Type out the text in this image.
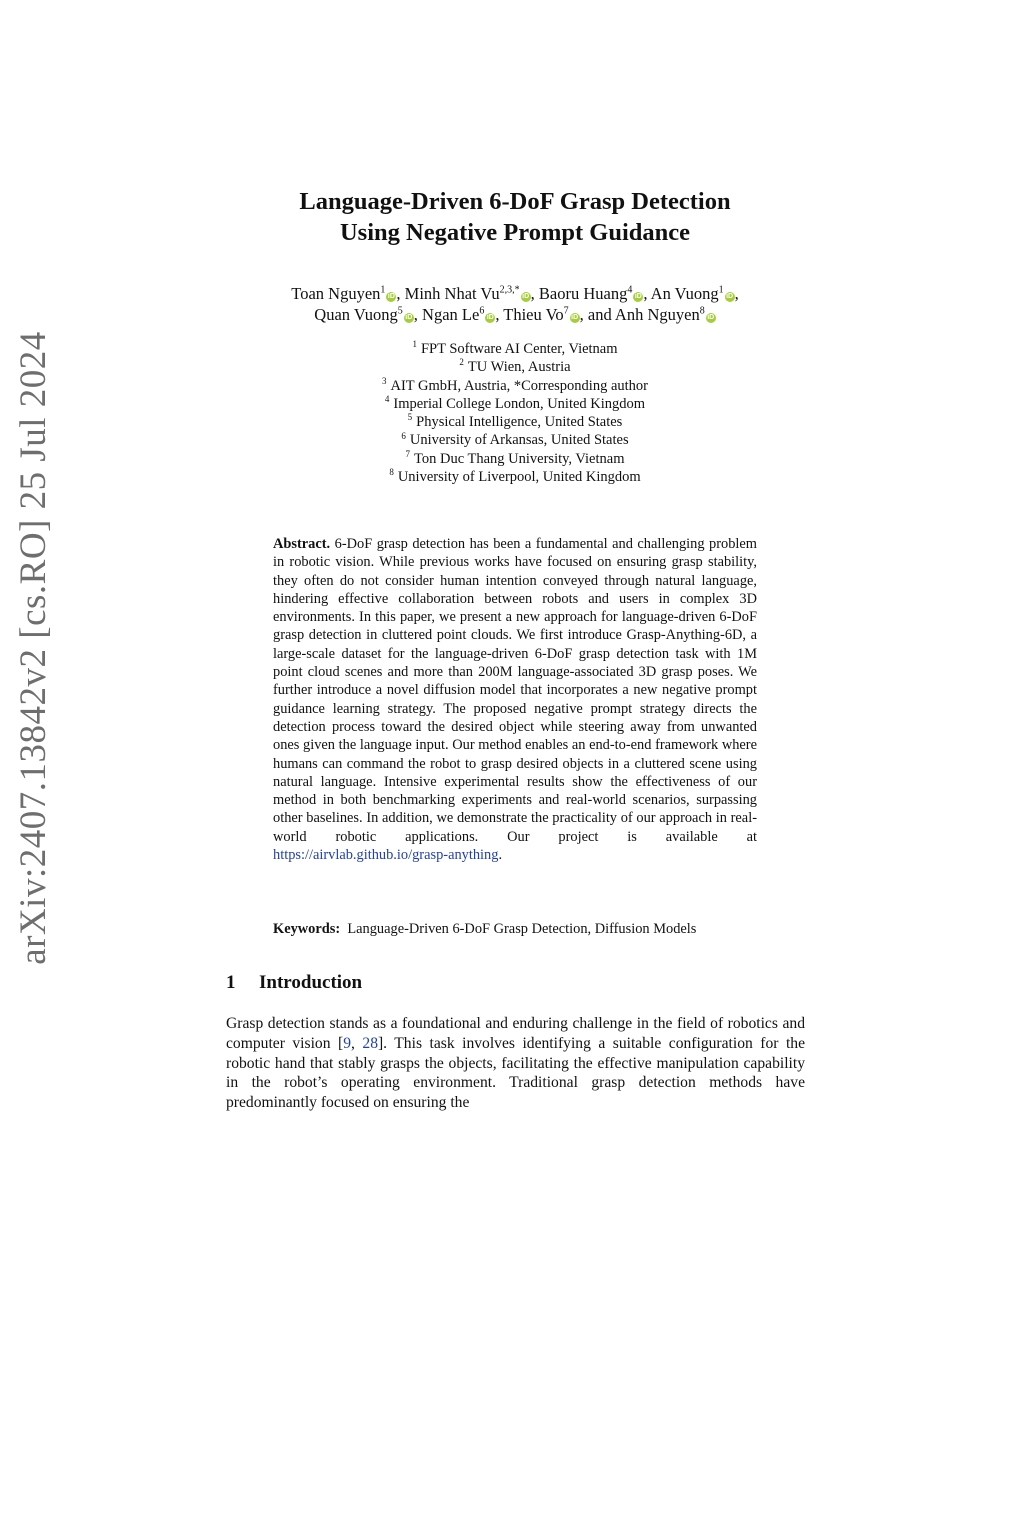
arXiv:2407.13842v2 [cs.RO] 25 Jul 2024
Language-Driven 6-DoF Grasp Detection
Using Negative Prompt Guidance
Toan Nguyen$^1$iD, Minh Nhat $Vu^{2,3,*}iD$, Baoru Huang$^4$iD, An Vuong$^1$iD,
Quan Vuong$^5$iD, Ngan Le$^6$iD, Thieu Vo$^7$iD, and Anh Nguyen$^8$iD
$^1$ FPT Software AI Center, Vietnam
$^2$ TU Wien, Austria
$^3$ AIT GmbH, Austria, *Corresponding author
$^4$ Imperial College London, United Kingdom
$^5$ Physical Intelligence, United States
$^6$ University of Arkansas, United States
$^7$ Ton Duc Thang University, Vietnam
$^8$ University of Liverpool, United Kingdom
Abstract. 6-DoF grasp detection has been a fundamental and challenging problem in robotic vision. While previous works have focused on ensuring grasp stability, they often do not consider human intention conveyed through natural language, hindering effective collaboration between robots and users in complex 3D environments. In this paper, we present a new approach for language-driven 6-DoF grasp detection in cluttered point clouds. We first introduce Grasp-Anything-6D, a large-scale dataset for the language-driven 6-DoF grasp detection task with 1M point cloud scenes and more than 200M language-associated 3D grasp poses. We further introduce a novel diffusion model that incorporates a new negative prompt guidance learning strategy. The proposed negative prompt strategy directs the detection process toward the desired object while steering away from unwanted ones given the language input. Our method enables an end-to-end framework where humans can command the robot to grasp desired objects in a cluttered scene using natural language. Intensive experimental results show the effectiveness of our method in both benchmarking experiments and real-world scenarios, surpassing other baselines. In addition, we demonstrate the practicality of our approach in real-world robotic applications. Our project is available at https://airvlab.github.io/grasp-anything.
Keywords: Language-Driven 6-DoF Grasp Detection, Diffusion Models
1 Introduction
Grasp detection stands as a foundational and enduring challenge in the field of robotics and computer vision [9, 28]. This task involves identifying a suitable configuration for the robotic hand that stably grasps the objects, facilitating the effective manipulation capability in the robot’s operating environment. Traditional grasp detection methods have predominantly focused on ensuring the
